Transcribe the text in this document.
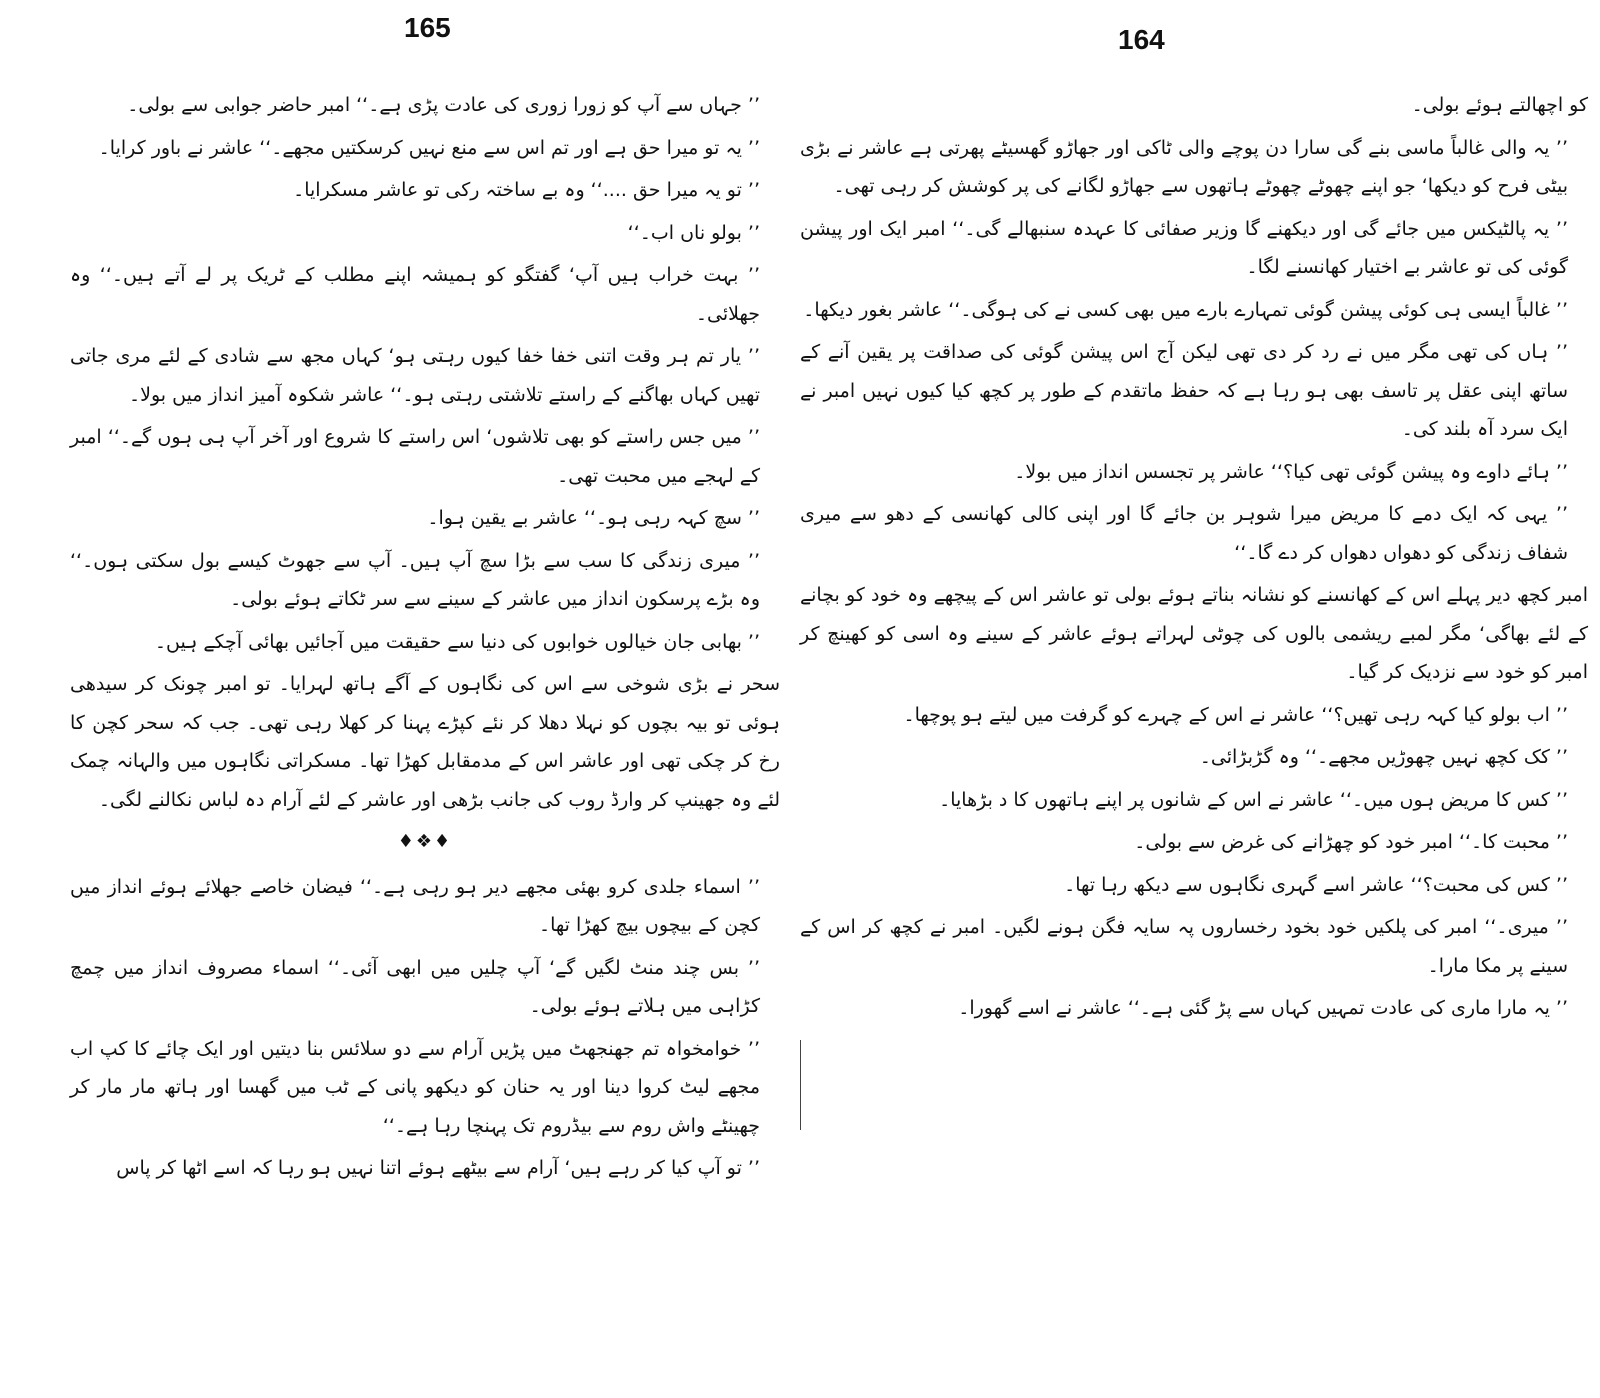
165

’’ جہاں سے آپ کو زورا زوری کی عادت پڑی ہے۔‘‘ امبر حاضر جوابی سے بولی۔

’’ یہ تو میرا حق ہے اور تم اس سے منع نہیں کرسکتیں مجھے۔‘‘ عاشر نے باور کرایا۔

’’ تو یہ میرا حق ....‘‘ وہ بے ساختہ رکی تو عاشر مسکرایا۔

’’ بولو ناں اب۔‘‘

’’ بہت خراب ہیں آپ‘ گفتگو کو ہمیشہ اپنے مطلب کے ٹریک پر لے آتے ہیں۔‘‘ وہ جھلائی۔

’’ یار تم ہر وقت اتنی خفا خفا کیوں رہتی ہو‘ کہاں مجھ سے شادی کے لئے مری جاتی تھیں کہاں بھاگنے کے راستے تلاشتی رہتی ہو۔‘‘ عاشر شکوہ آمیز انداز میں بولا۔

’’ میں جس راستے کو بھی تلاشوں‘ اس راستے کا شروع اور آخر آپ ہی ہوں گے۔‘‘ امبر کے لہجے میں محبت تھی۔

’’ سچ کہہ رہی ہو۔‘‘ عاشر بے یقین ہوا۔

’’ میری زندگی کا سب سے بڑا سچ آپ ہیں۔ آپ سے جھوٹ کیسے بول سکتی ہوں۔‘‘ وہ بڑے پرسکون انداز میں عاشر کے سینے سے سر ٹکاتے ہوئے بولی۔

’’ بھابی جان خیالوں خوابوں کی دنیا سے حقیقت میں آجائیں بھائی آچکے ہیں۔

سحر نے بڑی شوخی سے اس کی نگاہوں کے آگے ہاتھ لہرایا۔ تو امبر چونک کر سیدھی ہوئی تو بیہ بچوں کو نہلا دھلا کر نئے کپڑے پہنا کر کھلا رہی تھی۔ جب کہ سحر کچن کا رخ کر چکی تھی اور عاشر اس کے مدمقابل کھڑا تھا۔ مسکراتی نگاہوں میں والہانہ چمک لئے وہ جھینپ کر وارڈ روب کی جانب بڑھی اور عاشر کے لئے آرام دہ لباس نکالنے لگی۔

♦❖♦

’’ اسماء جلدی کرو بھئی مجھے دیر ہو رہی ہے۔‘‘ فیضان خاصے جھلائے ہوئے انداز میں کچن کے بیچوں بیچ کھڑا تھا۔

’’ بس چند منٹ لگیں گے‘ آپ چلیں میں ابھی آئی۔‘‘ اسماء مصروف انداز میں چمچ کڑاہی میں ہلاتے ہوئے بولی۔

’’ خوامخواہ تم جھنجھٹ میں پڑیں آرام سے دو سلائس بنا دیتیں اور ایک چائے کا کپ اب مجھے لیٹ کروا دینا اور یہ حنان کو دیکھو پانی کے ٹب میں گھسا اور ہاتھ مار مار کر چھینٹے واش روم سے بیڈروم تک پہنچا رہا ہے۔‘‘

’’ تو آپ کیا کر رہے ہیں‘ آرام سے بیٹھے ہوئے اتنا نہیں ہو رہا کہ اسے اٹھا کر پاس

164

کو اچھالتے ہوئے بولی۔

’’ یہ والی غالباً ماسی بنے گی سارا دن پوچے والی ٹاکی اور جھاڑو گھسیٹے پھرتی ہے عاشر نے بڑی بیٹی فرح کو دیکھا‘ جو اپنے چھوٹے چھوٹے ہاتھوں سے جھاڑو لگانے کی پر کوشش کر رہی تھی۔

’’ یہ پالٹیکس میں جائے گی اور دیکھنے گا وزیر صفائی کا عہدہ سنبھالے گی۔‘‘ امبر ایک اور پیشن گوئی کی تو عاشر بے اختیار کھانسنے لگا۔

’’ غالباً ایسی ہی کوئی پیشن گوئی تمہارے بارے میں بھی کسی نے کی ہوگی۔‘‘ عاشر بغور دیکھا۔

’’ ہاں کی تھی مگر میں نے رد کر دی تھی لیکن آج اس پیشن گوئی کی صداقت پر یقین آنے کے ساتھ اپنی عقل پر تاسف بھی ہو رہا ہے کہ حفظ ماتقدم کے طور پر کچھ کیا کیوں نہیں امبر نے ایک سرد آہ بلند کی۔

’’ ہائے داوے وہ پیشن گوئی تھی کیا؟‘‘ عاشر پر تجسس انداز میں بولا۔

’’ یہی کہ ایک دمے کا مریض میرا شوہر بن جائے گا اور اپنی کالی کھانسی کے دھو سے میری شفاف زندگی کو دھواں دھواں کر دے گا۔‘‘

امبر کچھ دیر پہلے اس کے کھانسنے کو نشانہ بناتے ہوئے بولی تو عاشر اس کے پیچھے وہ خود کو بچانے کے لئے بھاگی‘ مگر لمبے ریشمی بالوں کی چوٹی لہراتے ہوئے عاشر کے سینے وہ اسی کو کھینچ کر امبر کو خود سے نزدیک کر گیا۔

’’ اب بولو کیا کہہ رہی تھیں؟‘‘ عاشر نے اس کے چہرے کو گرفت میں لیتے ہو پوچھا۔

’’ کک کچھ نہیں چھوڑیں مجھے۔‘‘ وہ گڑبڑائی۔

’’ کس کا مریض ہوں میں۔‘‘ عاشر نے اس کے شانوں پر اپنے ہاتھوں کا د بڑھایا۔

’’ محبت کا۔‘‘ امبر خود کو چھڑانے کی غرض سے بولی۔

’’ کس کی محبت؟‘‘ عاشر اسے گہری نگاہوں سے دیکھ رہا تھا۔

’’ میری۔‘‘ امبر کی پلکیں خود بخود رخساروں پہ سایہ فگن ہونے لگیں۔ امبر نے کچھ کر اس کے سینے پر مکا مارا۔

’’ یہ مارا ماری کی عادت تمہیں کہاں سے پڑ گئی ہے۔‘‘ عاشر نے اسے گھورا۔
